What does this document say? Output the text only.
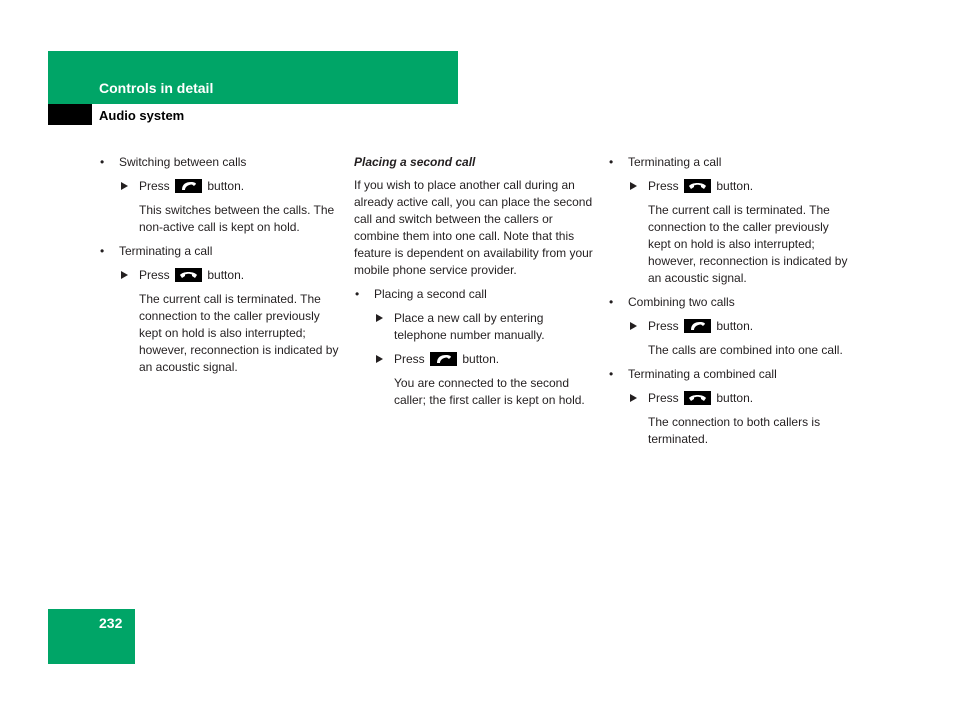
Controls in detail
Audio system
• Switching between calls
Press	button.
This switches between the calls. The non-active call is kept on hold.
• Terminating a call
Press	button.
The current call is terminated. The connection to the caller previously kept on hold is also interrupted; however, reconnection is indicated by an acoustic signal.
Placing a second call
If you wish to place another call during an already active call, you can place the second call and switch between the callers or combine them into one call. Note that this feature is dependent on availability from your mobile phone service provider.
• Placing a second call
Place a new call by entering telephone number manually.
Press	button.
You are connected to the second caller; the first caller is kept on hold.
• Terminating a call
Press	button.
The current call is terminated. The connection to the caller previously kept on hold is also interrupted; however, reconnection is indicated by an acoustic signal.
• Combining two calls
Press	button.
The calls are combined into one call.
• Terminating a combined call
Press	button.
The connection to both callers is terminated.
232
